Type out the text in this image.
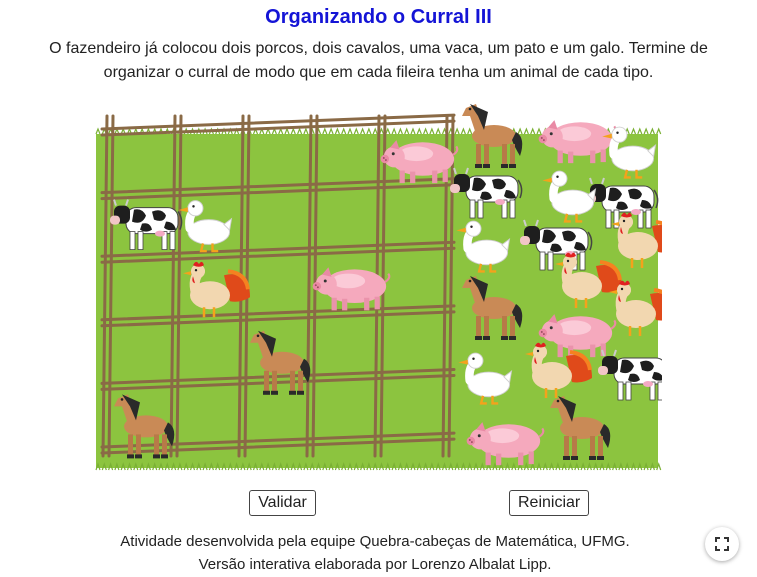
Organizando o Curral III
O fazendeiro já colocou dois porcos, dois cavalos, uma vaca, um pato e um galo. Termine de organizar o curral de modo que em cada fileira tenha um animal de cada tipo.
Validar	Reiniciar
Atividade desenvolvida pela equipe Quebra-cabeças de Matemática, UFMG.
Versão interativa elaborada por Lorenzo Albalat Lipp.
